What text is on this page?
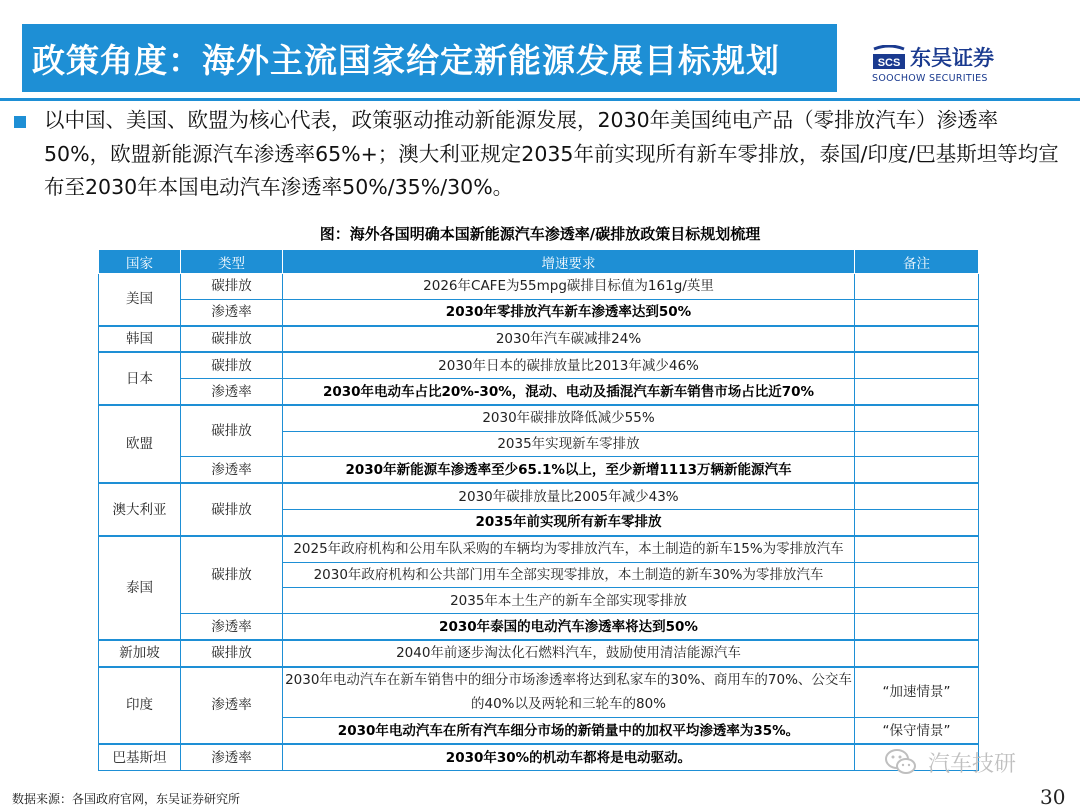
政策角度：海外主流国家给定新能源发展目标规划	SCS 东吴证券
SOOCHOW SECURITIES

以中国、美国、欧盟为核心代表，政策驱动推动新能源发展，2030年美国纯电产品（零排放汽车）渗透率50%，欧盟新能源汽车渗透率65%+；澳大利亚规定2035年前实现所有新车零排放，泰国/印度/巴基斯坦等均宣布至2030年本国电动汽车渗透率50%/35%/30%。

图：海外各国明确本国新能源汽车渗透率/碳排放政策目标规划梳理
国家	类型	增速要求	备注
美国	碳排放	2026年CAFE为55mpg碳排目标值为161g/英里	
	渗透率	2030年零排放汽车新车渗透率达到50%	
韩国	碳排放	2030年汽车碳减排24%	
日本	碳排放	2030年日本的碳排放量比2013年减少46%	
	渗透率	2030年电动车占比20%-30%，混动、电动及插混汽车新车销售市场占比近70%	
欧盟	碳排放	2030年碳排放降低减少55%	
		2035年实现新车零排放	
	渗透率	2030年新能源车渗透率至少65.1%以上，至少新增1113万辆新能源汽车	
澳大利亚	碳排放	2030年碳排放量比2005年减少43%	
		2035年前实现所有新车零排放	
泰国	碳排放	2025年政府机构和公用车队采购的车辆均为零排放汽车，本土制造的新车15%为零排放汽车	
		2030年政府机构和公共部门用车全部实现零排放，本土制造的新车30%为零排放汽车	
		2035年本土生产的新车全部实现零排放	
	渗透率	2030年泰国的电动汽车渗透率将达到50%	
新加坡	碳排放	2040年前逐步淘汰化石燃料汽车，鼓励使用清洁能源汽车	
印度	渗透率	2030年电动汽车在新车销售中的细分市场渗透率将达到私家车的30%、商用车的70%、公交车的40%以及两轮和三轮车的80%	“加速情景”
		2030年电动汽车在所有汽车细分市场的新销量中的加权平均渗透率为35%。	“保守情景”
巴基斯坦	渗透率	2030年30%的机动车都将是电动驱动。		汽车技研
数据来源：各国政府官网，东吴证券研究所	30
